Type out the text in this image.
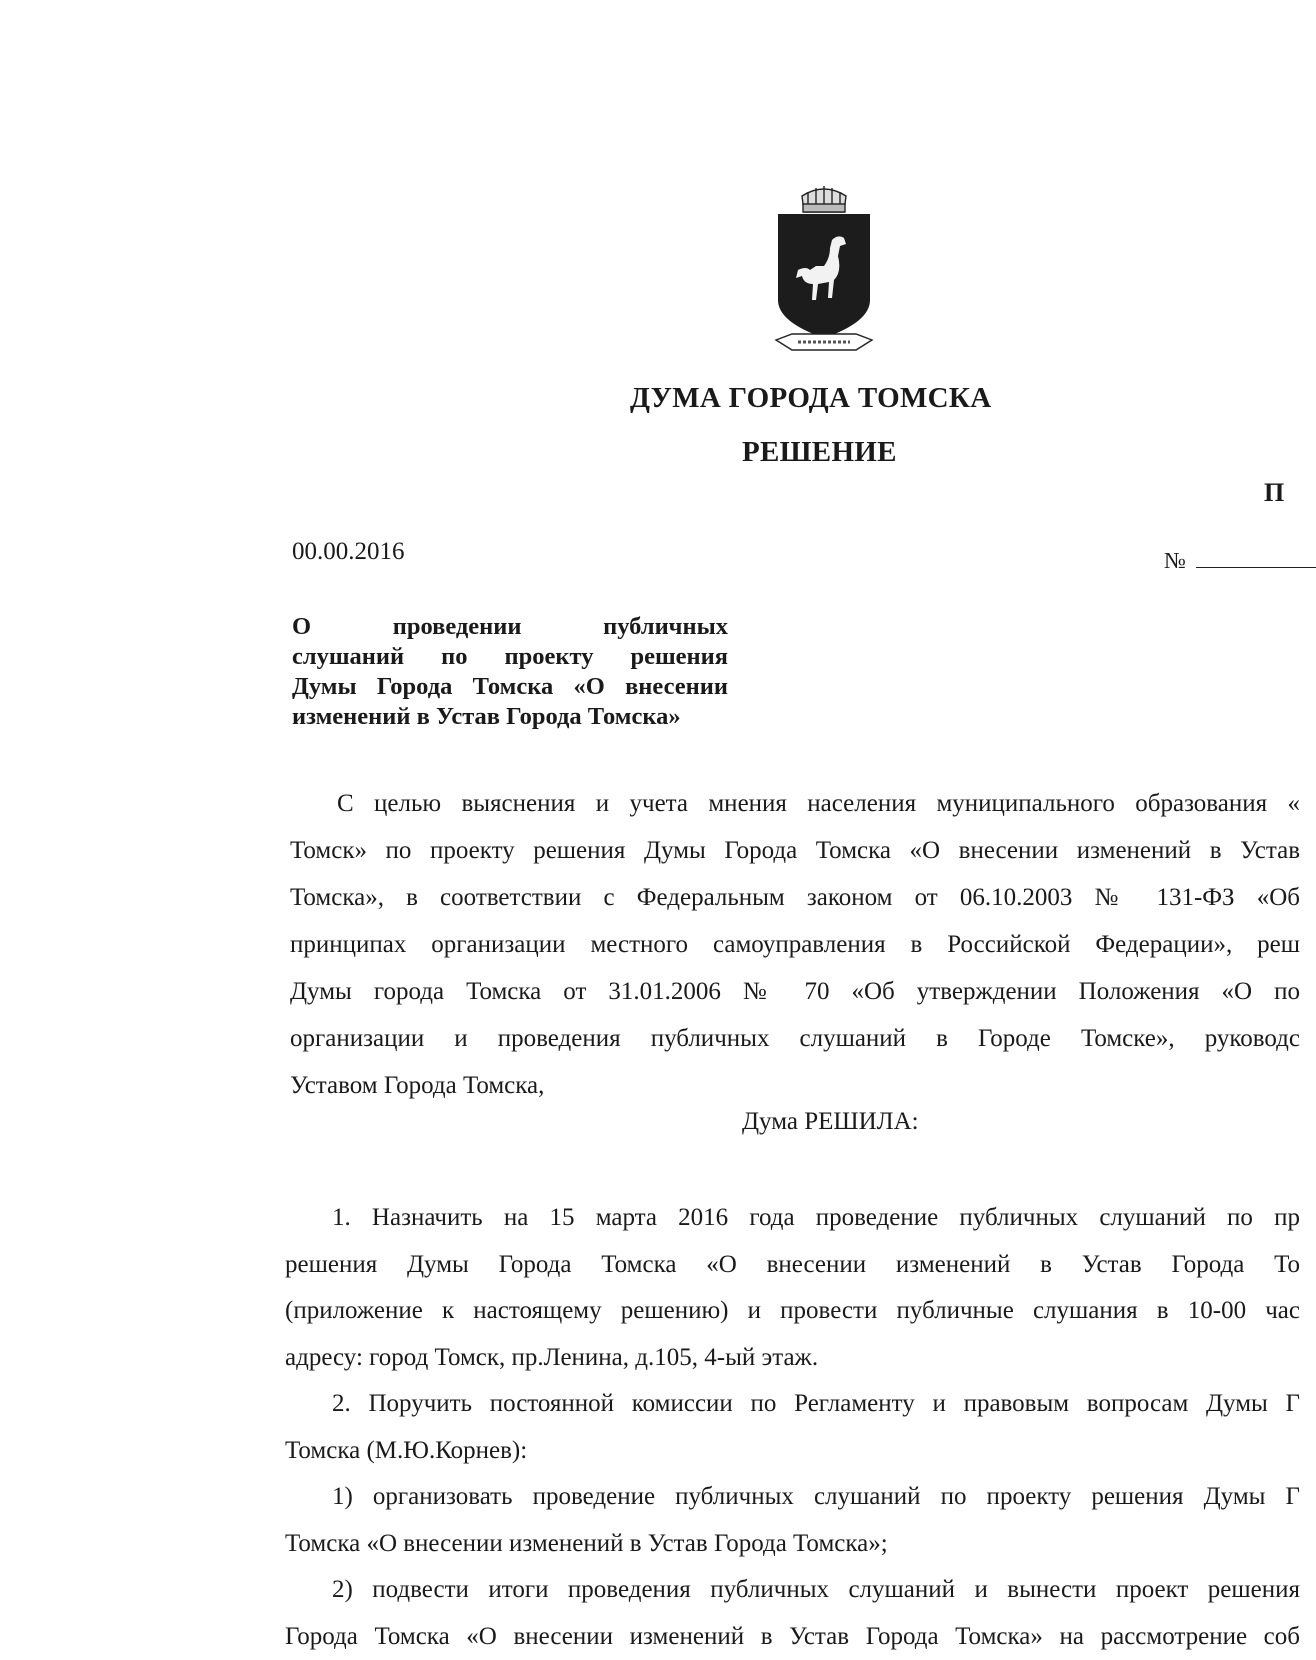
ДУМА ГОРОДА ТОМСКА
РЕШЕНИЕ
П
00.00.2016	№
О проведении публичных
слушаний по проекту решения
Думы Города Томска «О внесении
изменений в Устав Города Томска»
С целью выяснения и учета мнения населения муниципального образования «
Томск» по проекту решения Думы Города Томска «О внесении изменений в Устав
Томска», в соответствии с Федеральным законом от 06.10.2003 № 131-ФЗ «Об
принципах организации местного самоуправления в Российской Федерации», реш
Думы города Томска от 31.01.2006 № 70 «Об утверждении Положения «О по
организации и проведения публичных слушаний в Городе Томске», руководс
Уставом Города Томска,
Дума РЕШИЛА:
1. Назначить на 15 марта 2016 года проведение публичных слушаний по пр
решения Думы Города Томска «О внесении изменений в Устав Города То
(приложение к настоящему решению) и провести публичные слушания в 10-00 час
адресу: город Томск, пр.Ленина, д.105, 4-ый этаж.
2. Поручить постоянной комиссии по Регламенту и правовым вопросам Думы Г
Томска (М.Ю.Корнев):
1) организовать проведение публичных слушаний по проекту решения Думы Г
Томска «О внесении изменений в Устав Города Томска»;
2) подвести итоги проведения публичных слушаний и вынести проект решения
Города Томска «О внесении изменений в Устав Города Томска» на рассмотрение соб
